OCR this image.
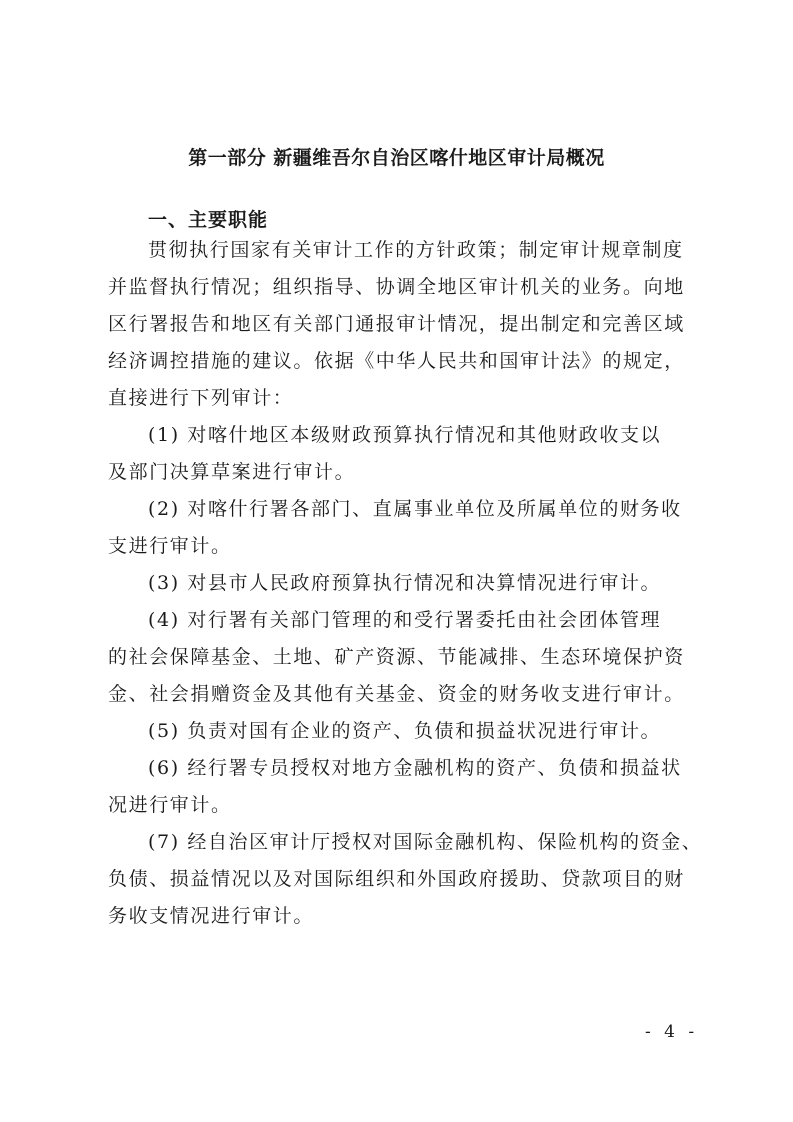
第一部分 新疆维吾尔自治区喀什地区审计局概况
一、主要职能
贯彻执行国家有关审计工作的方针政策；制定审计规章制度
并监督执行情况；组织指导、协调全地区审计机关的业务。向地
区行署报告和地区有关部门通报审计情况，提出制定和完善区域
经济调控措施的建议。依据《中华人民共和国审计法》的规定，
直接进行下列审计：
(1) 对喀什地区本级财政预算执行情况和其他财政收支以
及部门决算草案进行审计。
(2) 对喀什行署各部门、直属事业单位及所属单位的财务收
支进行审计。
(3) 对县市人民政府预算执行情况和决算情况进行审计。
(4) 对行署有关部门管理的和受行署委托由社会团体管理
的社会保障基金、土地、矿产资源、节能减排、生态环境保护资
金、社会捐赠资金及其他有关基金、资金的财务收支进行审计。
(5) 负责对国有企业的资产、负债和损益状况进行审计。
(6) 经行署专员授权对地方金融机构的资产、负债和损益状
况进行审计。
(7) 经自治区审计厅授权对国际金融机构、保险机构的资金、
负债、损益情况以及对国际组织和外国政府援助、贷款项目的财
务收支情况进行审计。
- 4 -
